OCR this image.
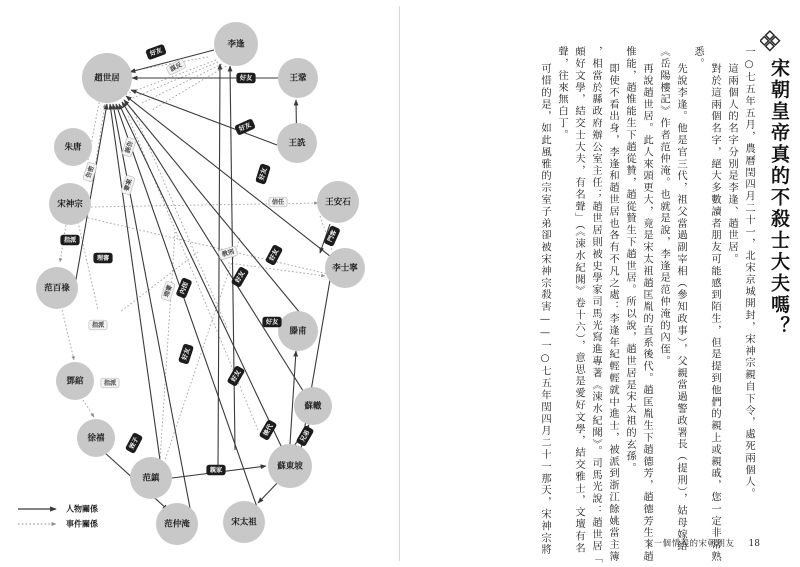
李逢
趙世居	王鞏
朱唐	王詵
宋神宗	王安石
李士寧
范百祿
滕甫
鄧綰
蘇轍
徐禧
范鎮
蘇東坡
范仲淹	宋太祖
好友
謀反
好友
好友
告密
誣告
審案
信任
好友
門客
指派
理審
指派
理審
指派
內侄
好友
好友
教刑
好友
好友
好友
兄弟
姪子
親家
後代
人物關係
事件關係
宋朝皇帝真的不殺士大夫嗎？
一○七五年五月，農曆閏四月二十一，北宋京城開封，宋神宗親自下令，處死兩個人。
這兩個人的名字分別是李逢、趙世居。
對於這兩個名字，絕大多數讀者朋友可能感到陌生，但是提到他們的親上或親戚，您一定非常熟
悉。
先說李逢。他是官三代，祖父當過副宰相（參知政事），父親當過警政署長（提刑），姑母嫁給
《岳陽樓記》作者范仲淹。也就是說，李逢是范仲淹的內侄。
再說趙世居。此人來頭更大，竟是宋太祖趙匡胤的直系後代。趙匡胤生下趙德芳，趙德芳生下趙
惟能，趙惟能生下趙從贊，趙從贊生下趙世居。所以說，趙世居是宋太祖的玄孫。
即使不看出身，李逢和趙世居也各有不凡之處：李逢年紀輕輕就中進士，被派到浙江餘姚當主簿
，相當於縣政府辦公室主任；趙世居則被史學家司馬光寫進專著《涑水紀聞》。司馬光說：趙世居「
頗好文學，結交士大夫，有名聲」（《涑水紀聞》卷十六），意思是愛好文學，結交雅士，文壇有名
聲，往來無白丁。
可惜的是，如此風雅的宗室子弟卻被宋神宗殺害——一○七五年閏四月二十一那天，宋神宗將	交一個情義的宋朝朋友 18
